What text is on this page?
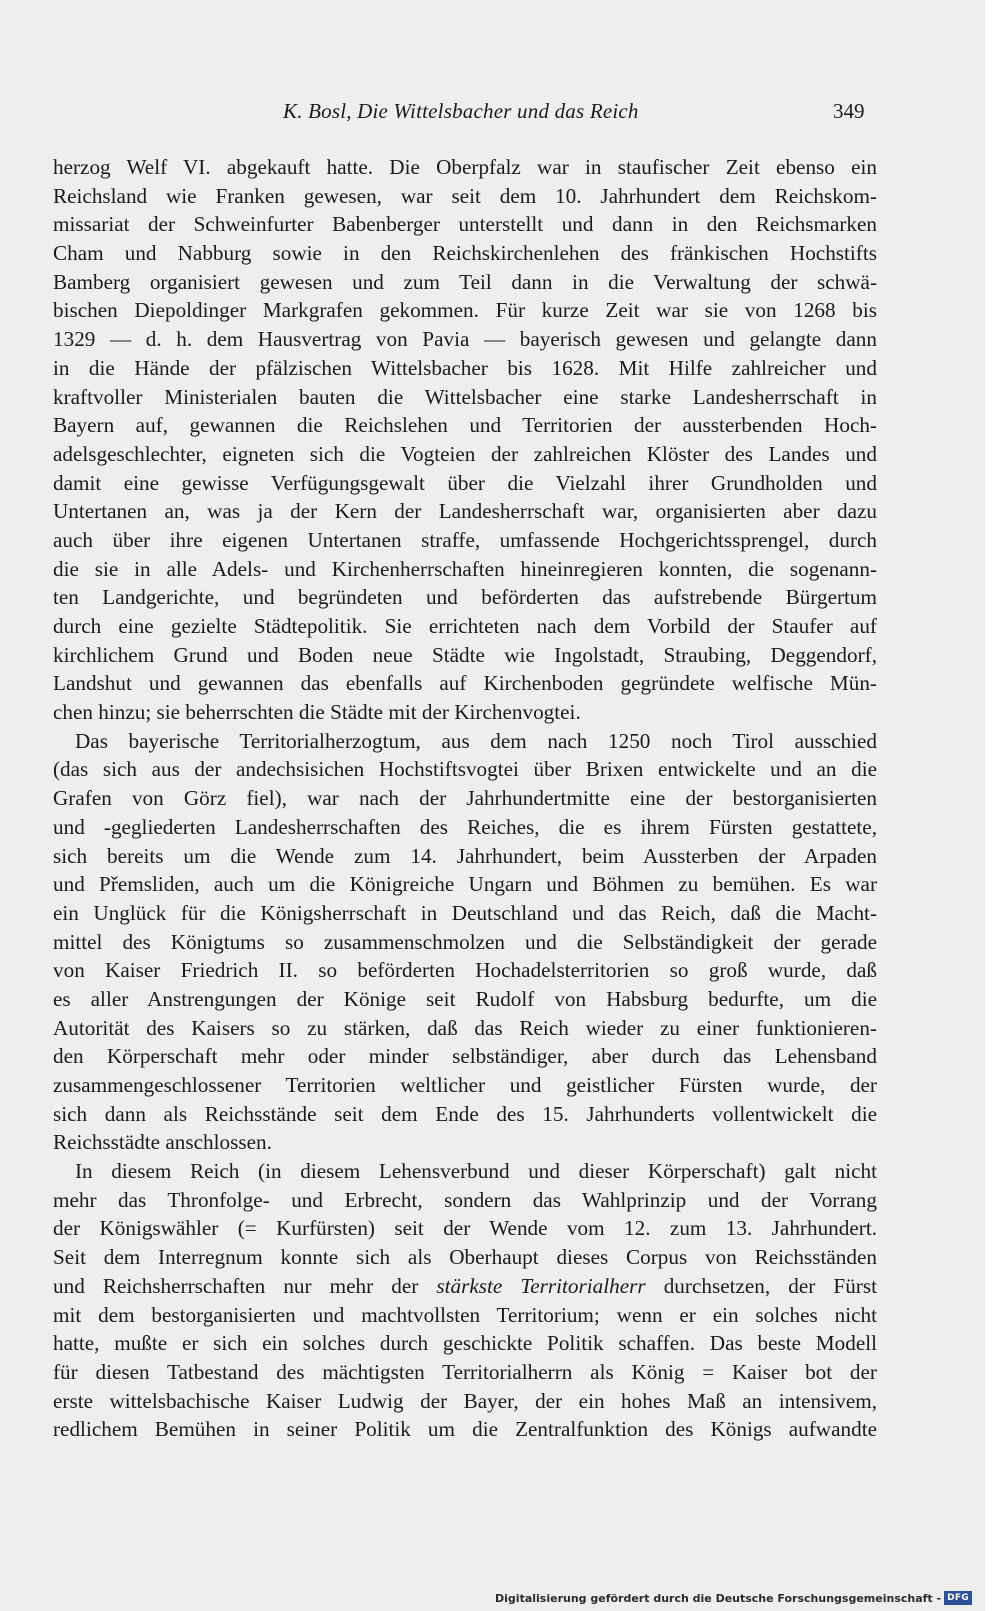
K. Bosl, Die Wittelsbacher und das Reich	349
herzog Welf VI. abgekauft hatte. Die Oberpfalz war in staufischer Zeit ebenso ein
Reichsland wie Franken gewesen, war seit dem 10. Jahrhundert dem Reichskom-
missariat der Schweinfurter Babenberger unterstellt und dann in den Reichsmarken
Cham und Nabburg sowie in den Reichskirchenlehen des fränkischen Hochstifts
Bamberg organisiert gewesen und zum Teil dann in die Verwaltung der schwä-
bischen Diepoldinger Markgrafen gekommen. Für kurze Zeit war sie von 1268 bis
1329 — d. h. dem Hausvertrag von Pavia — bayerisch gewesen und gelangte dann
in die Hände der pfälzischen Wittelsbacher bis 1628. Mit Hilfe zahlreicher und
kraftvoller Ministerialen bauten die Wittelsbacher eine starke Landesherrschaft in
Bayern auf, gewannen die Reichslehen und Territorien der aussterbenden Hoch-
adelsgeschlechter, eigneten sich die Vogteien der zahlreichen Klöster des Landes und
damit eine gewisse Verfügungsgewalt über die Vielzahl ihrer Grundholden und
Untertanen an, was ja der Kern der Landesherrschaft war, organisierten aber dazu
auch über ihre eigenen Untertanen straffe, umfassende Hochgerichtssprengel, durch
die sie in alle Adels- und Kirchenherrschaften hineinregieren konnten, die sogenann-
ten Landgerichte, und begründeten und beförderten das aufstrebende Bürgertum
durch eine gezielte Städtepolitik. Sie errichteten nach dem Vorbild der Staufer auf
kirchlichem Grund und Boden neue Städte wie Ingolstadt, Straubing, Deggendorf,
Landshut und gewannen das ebenfalls auf Kirchenboden gegründete welfische Mün-
chen hinzu; sie beherrschten die Städte mit der Kirchenvogtei.
Das bayerische Territorialherzogtum, aus dem nach 1250 noch Tirol ausschied
(das sich aus der andechsisichen Hochstiftsvogtei über Brixen entwickelte und an die
Grafen von Görz fiel), war nach der Jahrhundertmitte eine der bestorganisierten
und -gegliederten Landesherrschaften des Reiches, die es ihrem Fürsten gestattete,
sich bereits um die Wende zum 14. Jahrhundert, beim Aussterben der Arpaden
und Přemsliden, auch um die Königreiche Ungarn und Böhmen zu bemühen. Es war
ein Unglück für die Königsherrschaft in Deutschland und das Reich, daß die Macht-
mittel des Königtums so zusammenschmolzen und die Selbständigkeit der gerade
von Kaiser Friedrich II. so beförderten Hochadelsterritorien so groß wurde, daß
es aller Anstrengungen der Könige seit Rudolf von Habsburg bedurfte, um die
Autorität des Kaisers so zu stärken, daß das Reich wieder zu einer funktionieren-
den Körperschaft mehr oder minder selbständiger, aber durch das Lehensband
zusammengeschlossener Territorien weltlicher und geistlicher Fürsten wurde, der
sich dann als Reichsstände seit dem Ende des 15. Jahrhunderts vollentwickelt die
Reichsstädte anschlossen.
In diesem Reich (in diesem Lehensverbund und dieser Körperschaft) galt nicht
mehr das Thronfolge- und Erbrecht, sondern das Wahlprinzip und der Vorrang
der Königswähler (= Kurfürsten) seit der Wende vom 12. zum 13. Jahrhundert.
Seit dem Interregnum konnte sich als Oberhaupt dieses Corpus von Reichsständen
und Reichsherrschaften nur mehr der stärkste Territorialherr durchsetzen, der Fürst
mit dem bestorganisierten und machtvollsten Territorium; wenn er ein solches nicht
hatte, mußte er sich ein solches durch geschickte Politik schaffen. Das beste Modell
für diesen Tatbestand des mächtigsten Territorialherrn als König = Kaiser bot der
erste wittelsbachische Kaiser Ludwig der Bayer, der ein hohes Maß an intensivem,
redlichem Bemühen in seiner Politik um die Zentralfunktion des Königs aufwandte
Digitalisierung gefördert durch die Deutsche Forschungsgemeinschaft - DFG
